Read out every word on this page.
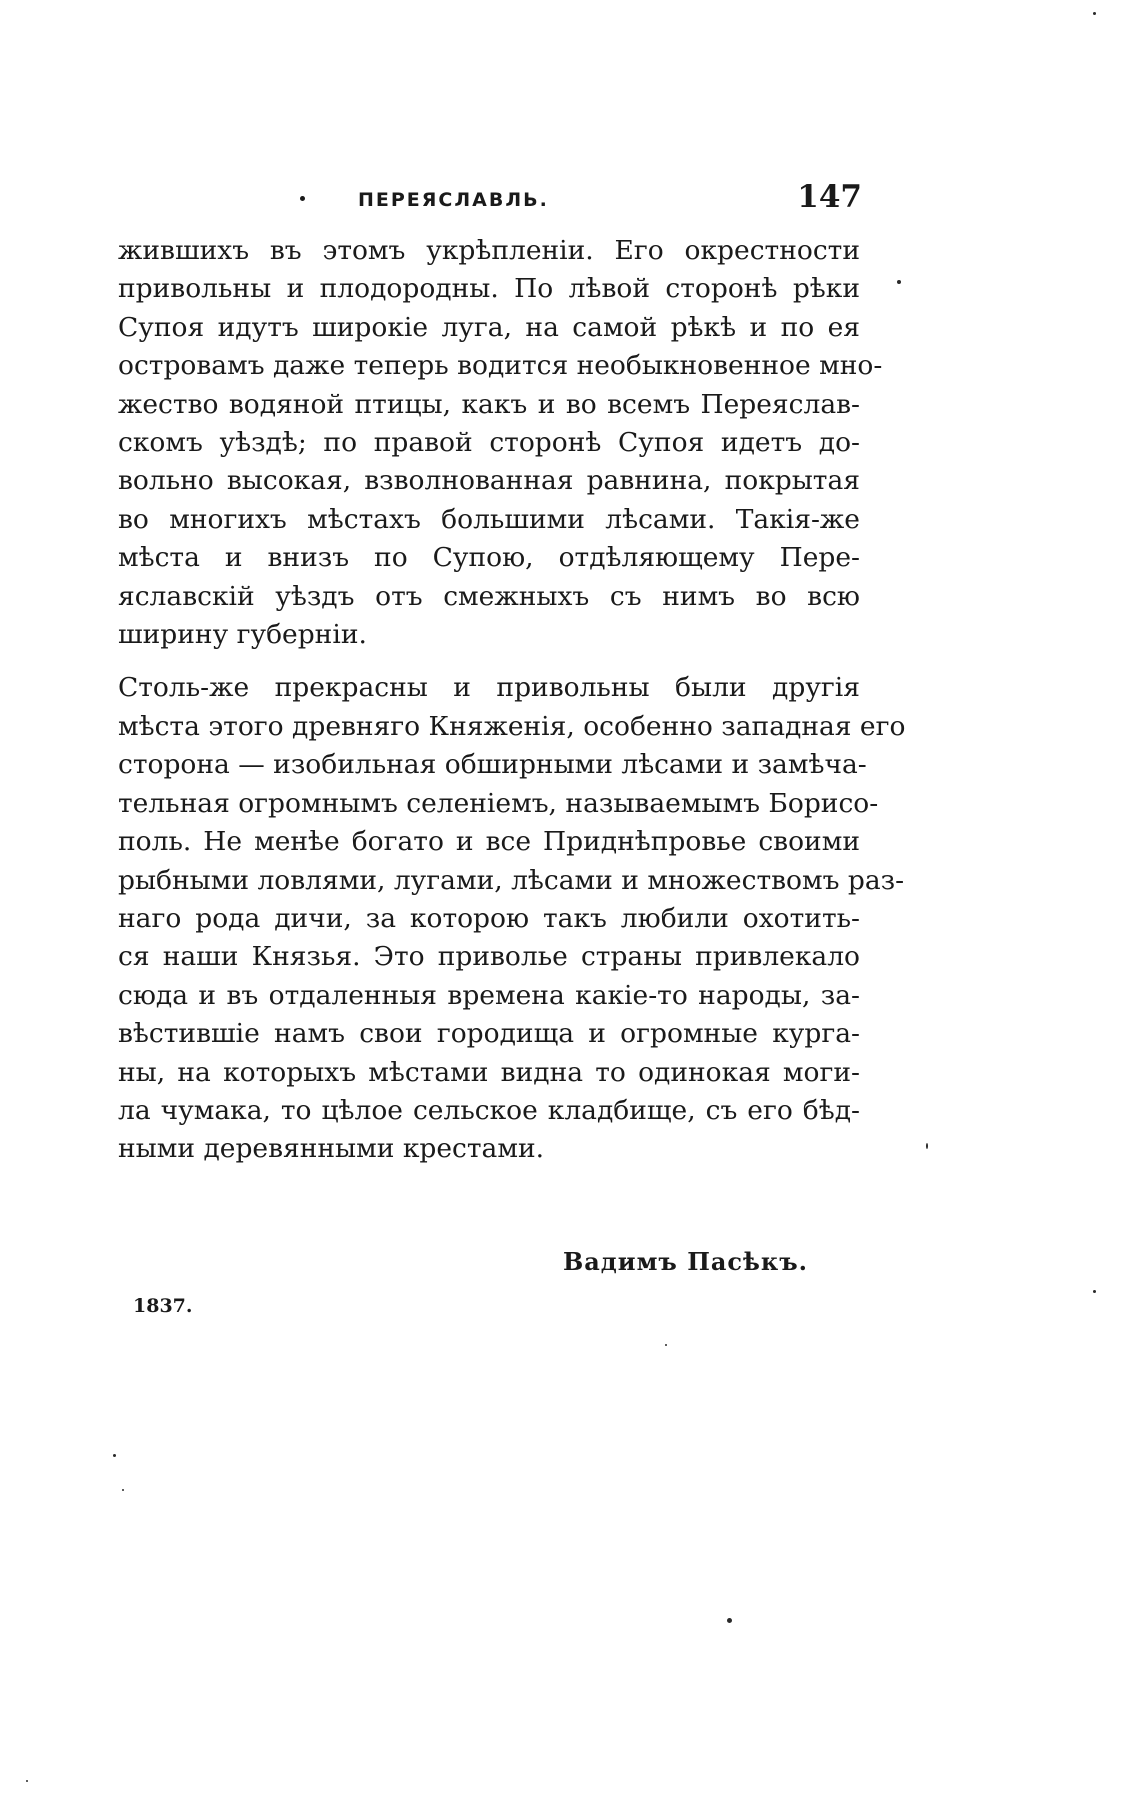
ПЕРЕЯСЛАВЛЬ.	147
жившихъ въ этомъ укрѣпленіи. Его окрестности
привольны и плодородны. По лѣвой сторонѣ рѣки
Супоя идутъ широкіе луга, на самой рѣкѣ и по ея
островамъ даже теперь водится необыкновенное мно-
жество водяной птицы, какъ и во всемъ Переяслав-
скомъ уѣздѣ; по правой сторонѣ Супоя идетъ до-
вольно высокая, взволнованная равнина, покрытая
во многихъ мѣстахъ большими лѣсами. Такія-же
мѣста и внизъ по Супою, отдѣляющему Пере-
яславскій уѣздъ отъ смежныхъ съ нимъ во всю
ширину губерніи.
Столь-же прекрасны и привольны были другія
мѣста этого древняго Княженія, особенно западная его
сторона — изобильная обширными лѣсами и замѣча-
тельная огромнымъ селеніемъ, называемымъ Борисо-
поль. Не менѣе богато и все Приднѣпровье своими
рыбными ловлями, лугами, лѣсами и множествомъ раз-
наго рода дичи, за которою такъ любили охотить-
ся наши Князья. Это приволье страны привлекало
сюда и въ отдаленныя времена какіе-то народы, за-
вѣстившіе намъ свои городища и огромные курга-
ны, на которыхъ мѣстами видна то одинокая моги-
ла чумака, то цѣлое сельское кладбище, съ его бѣд-
ными деревянными крестами.
Вадимъ Пасѣкъ.
1837.
